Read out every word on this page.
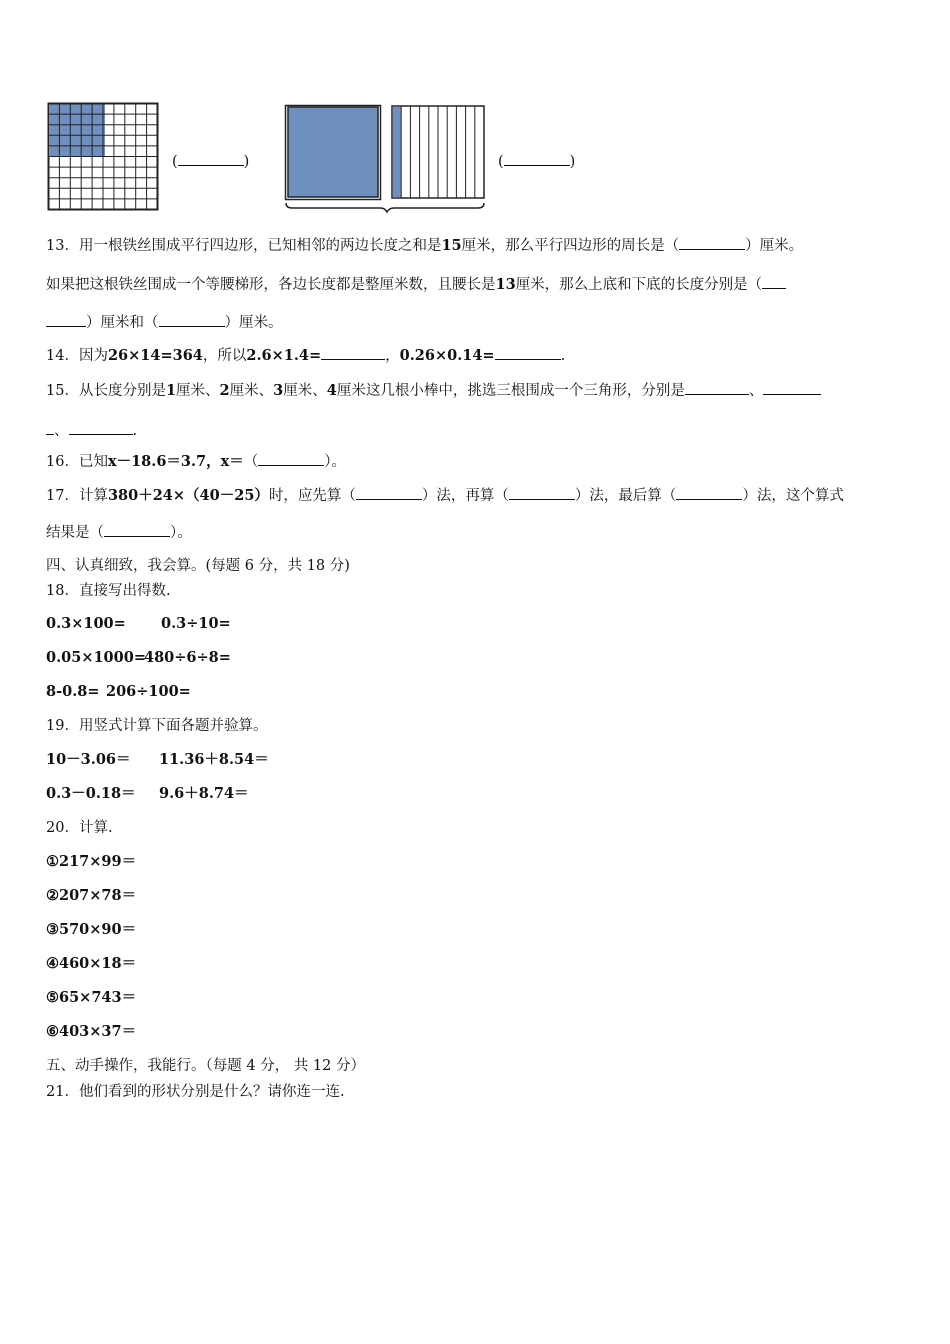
(	)	(	)
13．用一根铁丝围成平行四边形，已知相邻的两边长度之和是15厘米，那么平行四边形的周长是（	）厘米。
如果把这根铁丝围成一个等腰梯形，各边长度都是整厘米数，且腰长是13厘米，那么上底和下底的长度分别是（
）厘米和（	）厘米。
14．因为26×14=364，所以2.6×1.4=	，0.26×0.14=	.
15．从长度分别是1厘米、2厘米、3厘米、4厘米这几根小棒中，挑选三根围成一个三角形，分别是	、
、	.
16．已知x－18.6＝3.7，x＝（	）。
17．计算380＋24×（40－25）时，应先算（	）法，再算（	）法，最后算（	）法，这个算式
结果是（	）。
四、认真细致，我会算。(每题 6 分，共 18 分)
18．直接写出得数.
0.3×100= 0.3÷10=
0.05×1000=480÷6÷8=
8-0.8= 206÷100=
19．用竖式计算下面各题并验算。
10－3.06＝ 11.36＋8.54＝
0.3－0.18＝ 9.6＋8.74＝
20．计算.
①217×99＝
②207×78＝
③570×90＝
④460×18＝
⑤65×743＝
⑥403×37＝
五、动手操作，我能行。（每题 4 分， 共 12 分）
21．他们看到的形状分别是什么？请你连一连.
